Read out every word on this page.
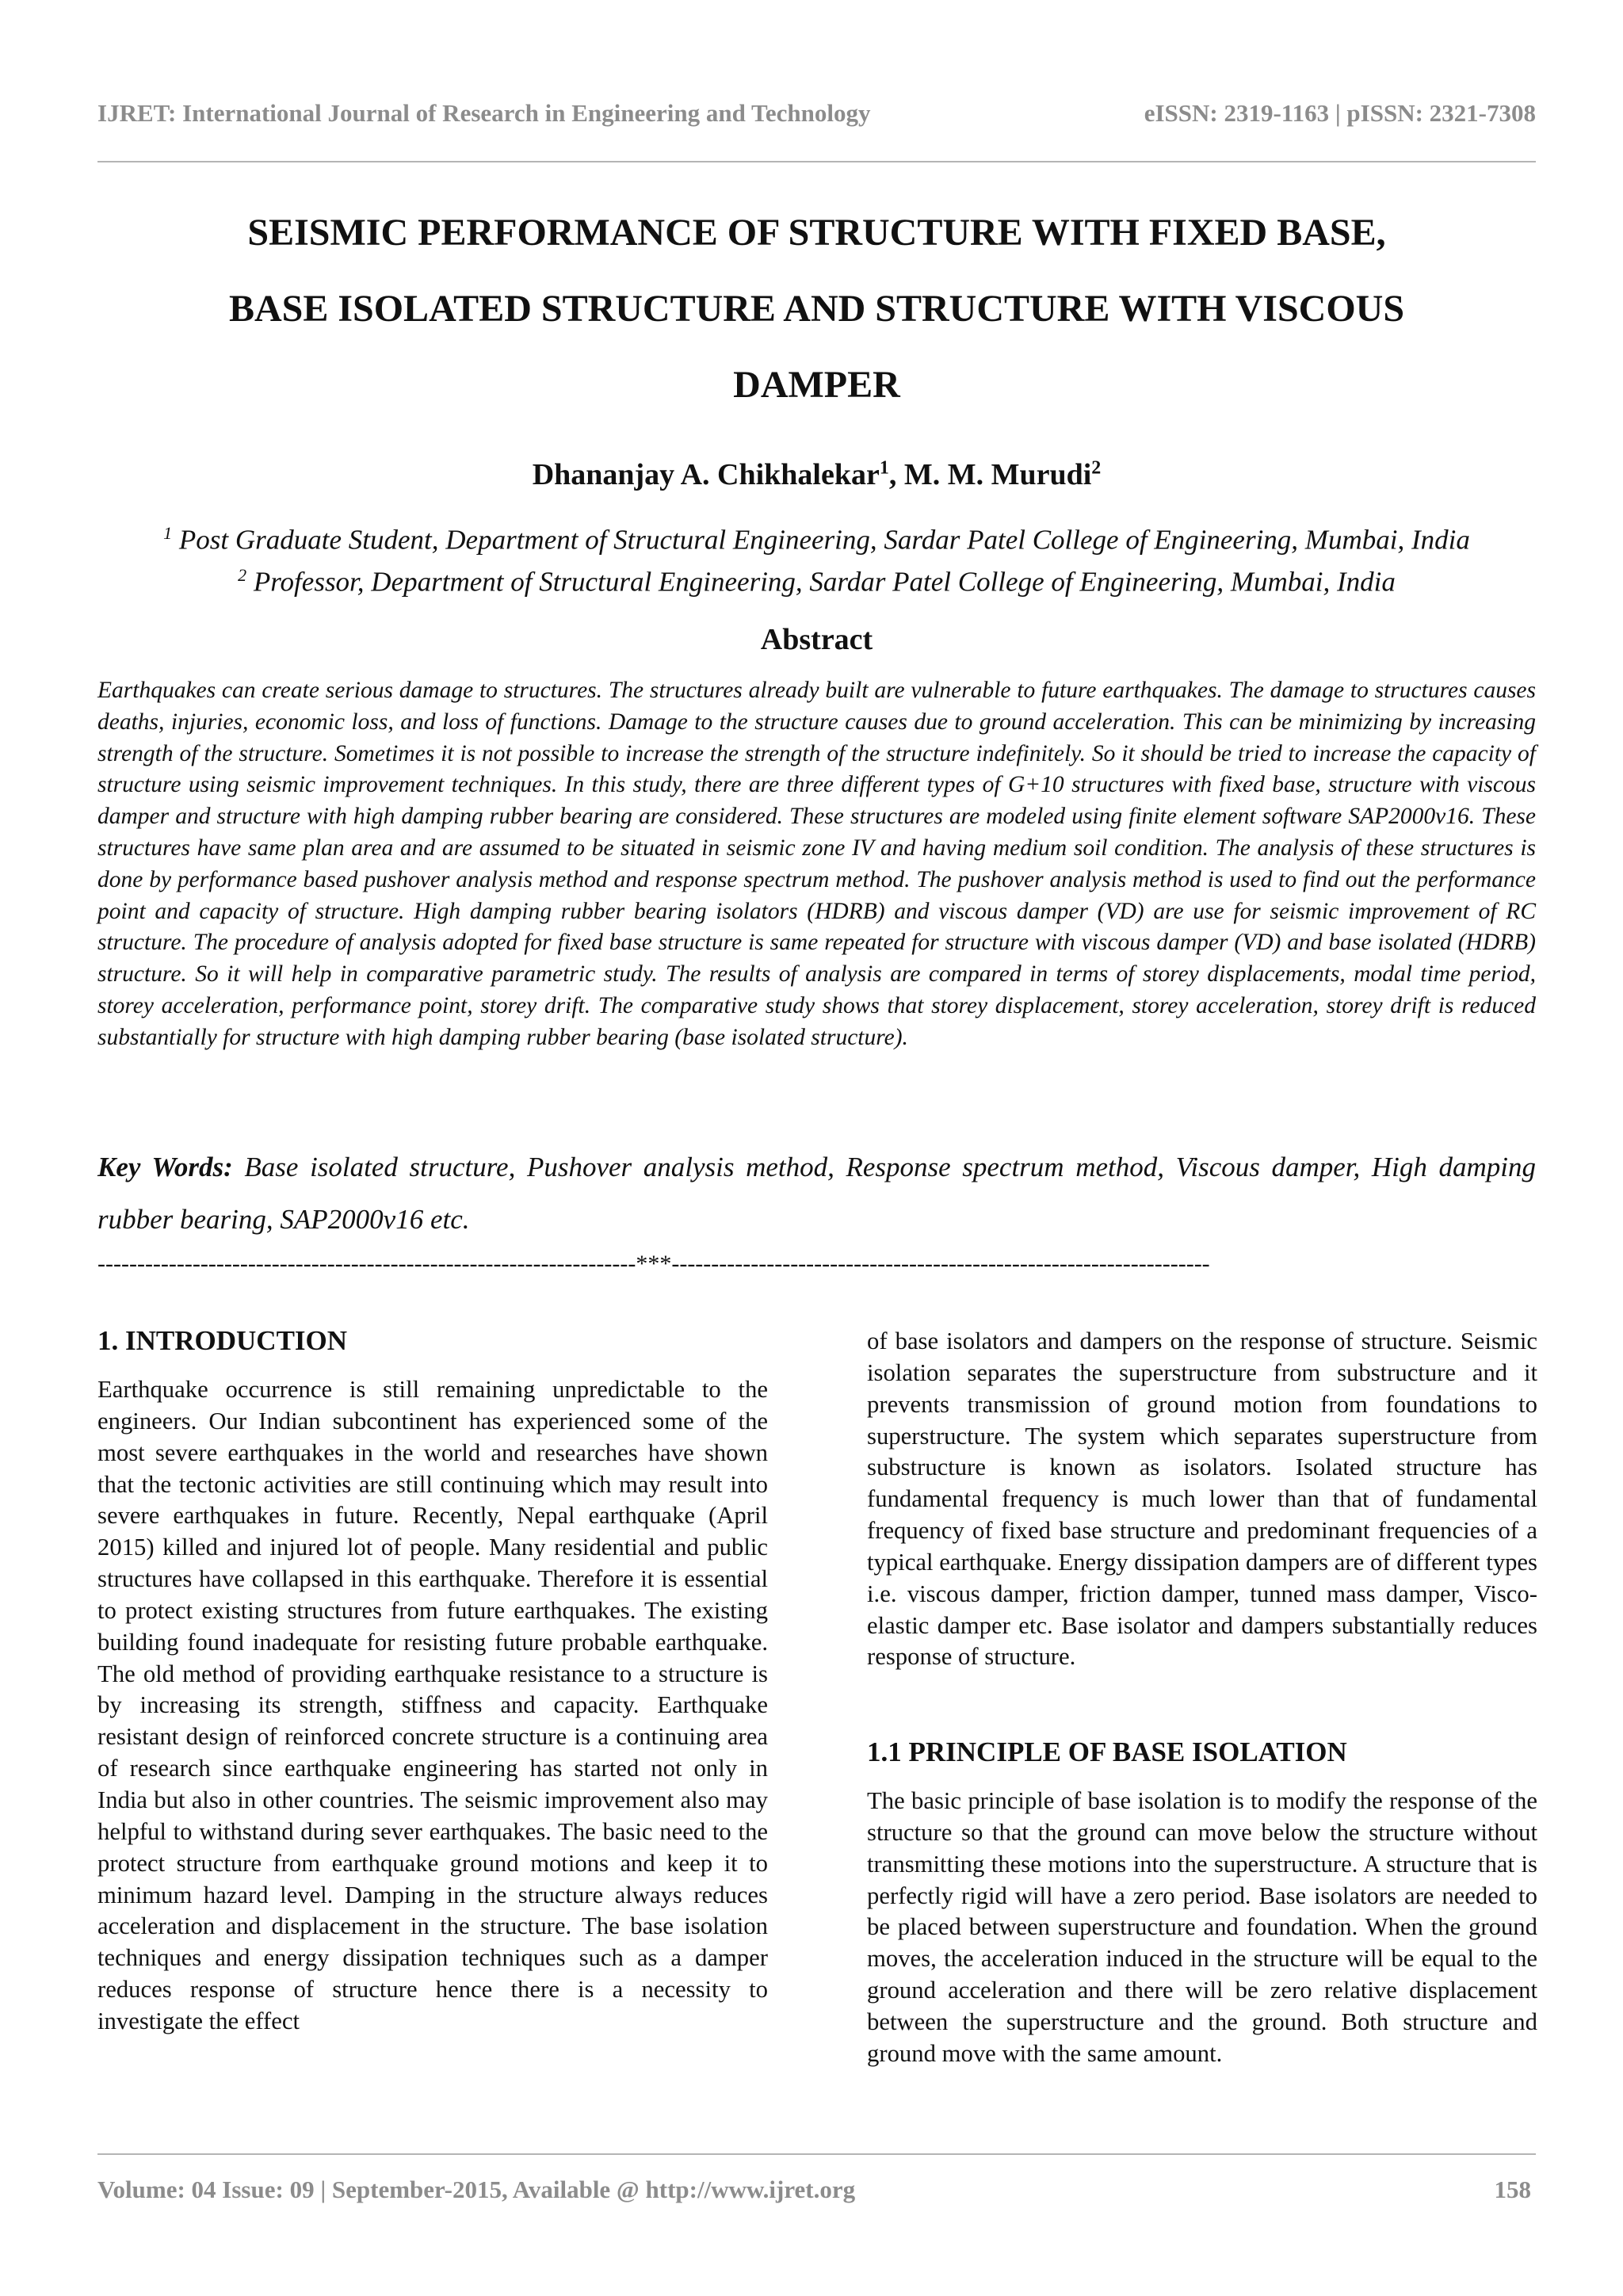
IJRET: International Journal of Research in Engineering and Technology	eISSN: 2319-1163 | pISSN: 2321-7308
SEISMIC PERFORMANCE OF STRUCTURE WITH FIXED BASE,
BASE ISOLATED STRUCTURE AND STRUCTURE WITH VISCOUS
DAMPER
Dhananjay A. Chikhalekar$^1$, M. M. Murudi$^2$
$^1$ Post Graduate Student, Department of Structural Engineering, Sardar Patel College of Engineering, Mumbai, India
$^2$ Professor, Department of Structural Engineering, Sardar Patel College of Engineering, Mumbai, India
Abstract
Earthquakes can create serious damage to structures. The structures already built are vulnerable to future earthquakes. The damage to structures causes deaths, injuries, economic loss, and loss of functions. Damage to the structure causes due to ground acceleration. This can be minimizing by increasing strength of the structure. Sometimes it is not possible to increase the strength of the structure indefinitely. So it should be tried to increase the capacity of structure using seismic improvement techniques. In this study, there are three different types of G+10 structures with fixed base, structure with viscous damper and structure with high damping rubber bearing are considered. These structures are modeled using finite element software SAP2000v16. These structures have same plan area and are assumed to be situated in seismic zone IV and having medium soil condition. The analysis of these structures is done by performance based pushover analysis method and response spectrum method. The pushover analysis method is used to find out the performance point and capacity of structure. High damping rubber bearing isolators (HDRB) and viscous damper (VD) are use for seismic improvement of RC structure. The procedure of analysis adopted for fixed base structure is same repeated for structure with viscous damper (VD) and base isolated (HDRB) structure. So it will help in comparative parametric study. The results of analysis are compared in terms of storey displacements, modal time period, storey acceleration, performance point, storey drift. The comparative study shows that storey displacement, storey acceleration, storey drift is reduced substantially for structure with high damping rubber bearing (base isolated structure).
Key Words: Base isolated structure, Pushover analysis method, Response spectrum method, Viscous damper, High damping rubber bearing, SAP2000v16 etc.
--------------------------------------------------------------------***--------------------------------------------------------------------
1. INTRODUCTION

Earthquake occurrence is still remaining unpredictable to the engineers. Our Indian subcontinent has experienced some of the most severe earthquakes in the world and researches have shown that the tectonic activities are still continuing which may result into severe earthquakes in future. Recently, Nepal earthquake (April 2015) killed and injured lot of people. Many residential and public structures have collapsed in this earthquake. Therefore it is essential to protect existing structures from future earthquakes. The existing building found inadequate for resisting future probable earthquake. The old method of providing earthquake resistance to a structure is by increasing its strength, stiffness and capacity. Earthquake resistant design of reinforced concrete structure is a continuing area of research since earthquake engineering has started not only in India but also in other countries. The seismic improvement also may helpful to withstand during sever earthquakes. The basic need to the protect structure from earthquake ground motions and keep it to minimum hazard level. Damping in the structure always reduces acceleration and displacement in the structure. The base isolation techniques and energy dissipation techniques such as a damper reduces response of structure hence there is a necessity to investigate the effect

of base isolators and dampers on the response of structure. Seismic isolation separates the superstructure from substructure and it prevents transmission of ground motion from foundations to superstructure. The system which separates superstructure from substructure is known as isolators. Isolated structure has fundamental frequency is much lower than that of fundamental frequency of fixed base structure and predominant frequencies of a typical earthquake. Energy dissipation dampers are of different types i.e. viscous damper, friction damper, tunned mass damper, Visco-elastic damper etc. Base isolator and dampers substantially reduces response of structure.

1.1 PRINCIPLE OF BASE ISOLATION

The basic principle of base isolation is to modify the response of the structure so that the ground can move below the structure without transmitting these motions into the superstructure. A structure that is perfectly rigid will have a zero period. Base isolators are needed to be placed between superstructure and foundation. When the ground moves, the acceleration induced in the structure will be equal to the ground acceleration and there will be zero relative displacement between the superstructure and the ground. Both structure and ground move with the same amount.

Volume: 04 Issue: 09 | September-2015, Available @ http://www.ijret.org	158
